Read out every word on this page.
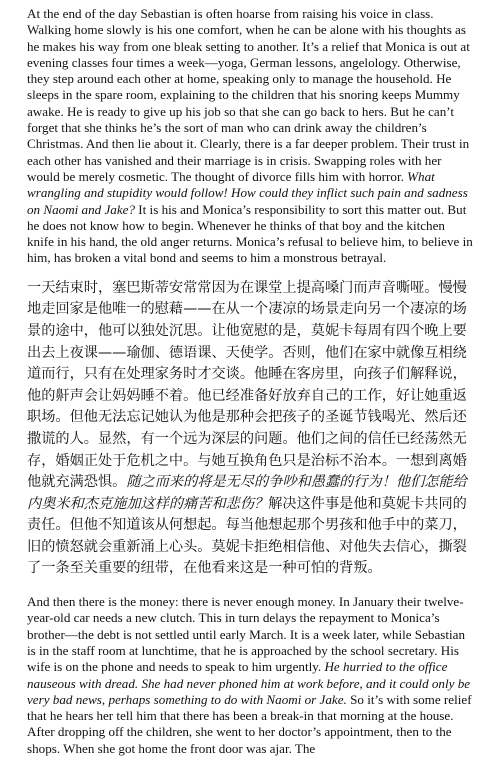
At the end of the day Sebastian is often hoarse from raising his voice in class. Walking home slowly is his one comfort, when he can be alone with his thoughts as he makes his way from one bleak setting to another. It’s a relief that Monica is out at evening classes four times a week—yoga, German lessons, angelology. Otherwise, they step around each other at home, speaking only to manage the household. He sleeps in the spare room, explaining to the children that his snoring keeps Mummy awake. He is ready to give up his job so that she can go back to hers. But he can’t forget that she thinks he’s the sort of man who can drink away the children’s Christmas. And then lie about it. Clearly, there is a far deeper problem. Their trust in each other has vanished and their marriage is in crisis. Swapping roles with her would be merely cosmetic. The thought of divorce fills him with horror. What wrangling and stupidity would follow! How could they inflict such pain and sadness on Naomi and Jake? It is his and Monica’s responsibility to sort this matter out. But he does not know how to begin. Whenever he thinks of that boy and the kitchen knife in his hand, the old anger returns. Monica’s refusal to believe him, to believe in him, has broken a vital bond and seems to him a monstrous betrayal.

一天结束时，塞巴斯蒂安常常因为在课堂上提高嗓门而声音嘶哑。慢慢地走回家是他唯一的慰藉——在从一个凄凉的场景走向另一个凄凉的场景的途中，他可以独处沉思。让他宽慰的是，莫妮卡每周有四个晚上要出去上夜课——瑜伽、德语课、天使学。否则，他们在家中就像互相绕道而行，只有在处理家务时才交谈。他睡在客房里，向孩子们解释说，他的鼾声会让妈妈睡不着。他已经准备好放弃自己的工作，好让她重返职场。但他无法忘记她认为他是那种会把孩子的圣诞节钱喝光、然后还撒谎的人。显然，有一个远为深层的问题。他们之间的信任已经荡然无存，婚姻正处于危机之中。与她互换角色只是治标不治本。一想到离婚他就充满恐惧。随之而来的将是无尽的争吵和愚蠢的行为！他们怎能给内奥米和杰克施加这样的痛苦和悲伤？解决这件事是他和莫妮卡共同的责任。但他不知道该从何想起。每当他想起那个男孩和他手中的菜刀，旧的愤怒就会重新涌上心头。莫妮卡拒绝相信他、对他失去信心，撕裂了一条至关重要的纽带，在他看来这是一种可怕的背叛。

And then there is the money: there is never enough money. In January their twelve-year-old car needs a new clutch. This in turn delays the repayment to Monica’s brother—the debt is not settled until early March. It is a week later, while Sebastian is in the staff room at lunchtime, that he is approached by the school secretary. His wife is on the phone and needs to speak to him urgently. He hurried to the office nauseous with dread. She had never phoned him at work before, and it could only be very bad news, perhaps something to do with Naomi or Jake. So it’s with some relief that he hears her tell him that there has been a break-in that morning at the house. After dropping off the children, she went to her doctor’s appointment, then to the shops. When she got home the front door was ajar. The
